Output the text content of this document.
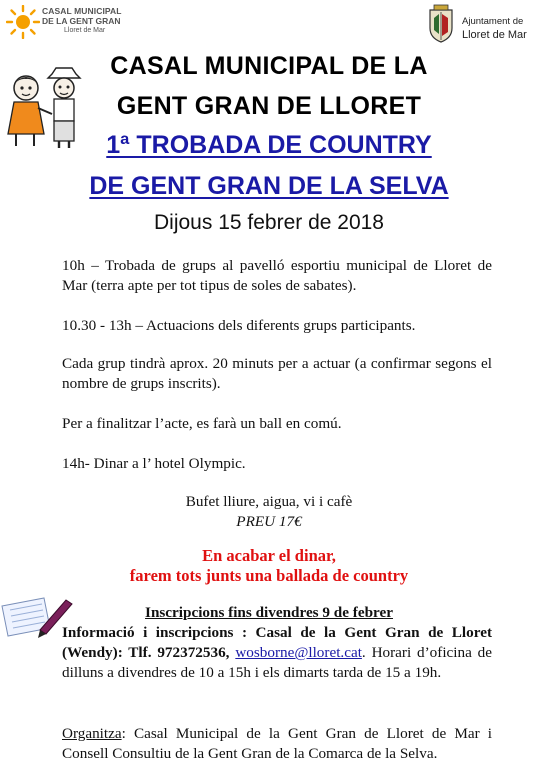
CASAL MUNICIPAL
DE LA GENT GRAN
Lloret de Mar
Ajuntament de
Lloret de Mar
CASAL MUNICIPAL DE LA
GENT GRAN DE LLORET
1ª TROBADA DE COUNTRY
DE GENT GRAN DE LA SELVA
Dijous 15 febrer de 2018
10h – Trobada de grups al pavelló esportiu municipal de Lloret de Mar (terra apte per tot tipus de soles de sabates).
10.30 - 13h – Actuacions dels diferents grups participants.
Cada grup tindrà aprox. 20 minuts per a actuar (a confirmar segons el nombre de grups inscrits).
Per a finalitzar l’acte, es farà un ball en comú.
14h- Dinar a l’ hotel Olympic.
Bufet lliure, aigua, vi i cafè
PREU 17€
En acabar el dinar,
farem tots junts una ballada de country
Inscripcions fins divendres 9 de febrer
Informació i inscripcions : Casal de la Gent Gran de Lloret (Wendy): Tlf. 972372536, wosborne@lloret.cat. Horari d’oficina de dilluns a divendres de 10 a 15h i els dimarts tarda de 15 a 19h.
Organitza: Casal Municipal de la Gent Gran de Lloret de Mar i Consell Consultiu de la Gent Gran de la Comarca de la Selva.
